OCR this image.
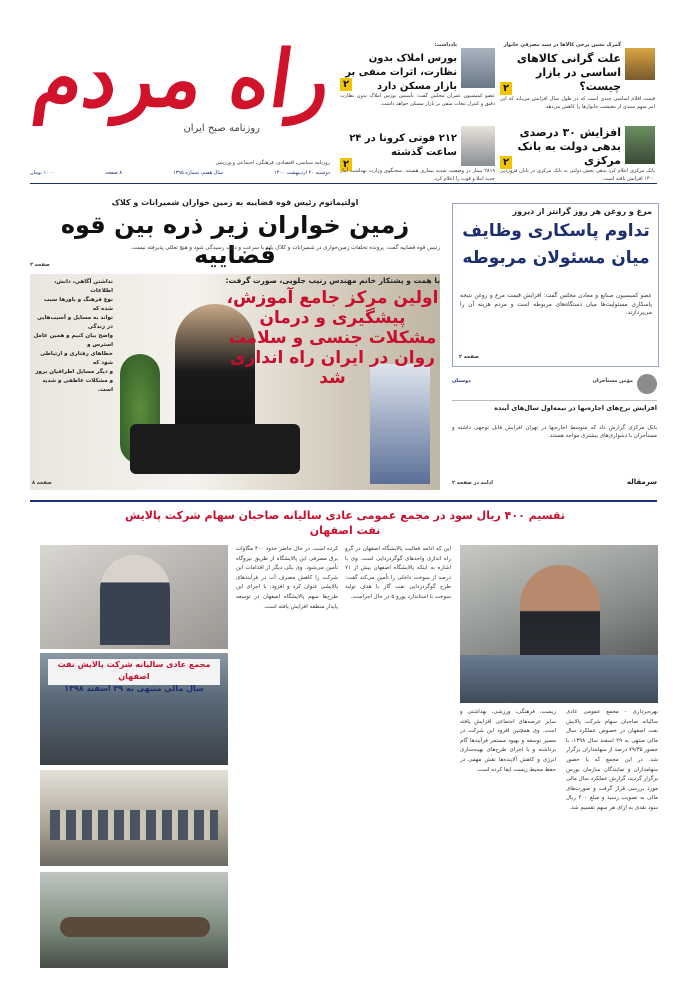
راه مردم
روزنامه صبح ایران
روزنامه سیاسی، اقتصادی، فرهنگی، اجتماعی و ورزشی
دوشنبه ۲۰ اردیبهشت ۱۴۰۰
سال هفتم، شماره ۱۳۹۵
۸ صفحه
۱۰۰۰ تومان
گمرک نشین برخی کالاها در سبد مصرفی خانوار
علت گرانی کالاهای اساسی در بازار چیست؟
۲
قیمت اقلام اساسی چندی است که در طول سال افزایش می‌یابد که این امر سهم سبدی از معیشت خانوارها را کاهش می‌دهد.
افزایش ۳۰ درصدی بدهی دولت به بانک مرکزی
۲
بانک مرکزی اعلام کرد بدهی بخش دولتی به بانک مرکزی در پایان فروردین ۱۴۰۰ افزایش یافته است.
یادداشت:
بورس املاک بدون نظارت، اثرات منفی بر بازار مسکن دارد
۲
عضو کمیسیون عمران مجلس گفت: تأسیس بورس املاک بدون نظارت دقیق و کنترل تبعات منفی بر بازار مسکن خواهد داشت.
۲۱۲ فوتی کرونا در ۲۴ ساعت گذشته
۲
۲۸۱۹ بیمار در وضعیت شدید بیماری هستند. سخنگوی وزارت بهداشت آمار جدید ابتلا و فوت را اعلام کرد.
اولتیماتوم رئیس قوه قضاییه به زمین خواران شمیرانات و کلاک
زمین خواران زیر ذره بین قوه قضاییه
رئیس قوه قضاییه گفت: پرونده تخلفات زمین‌خواری در شمیرانات و کلاک باید با سرعت و دقت رسیدگی شود و هیچ تعللی پذیرفته نیست.
صفحه ۲
با همت و پشتکار خانم مهندس رنیب جلویی، صورت گرفت:
اولین مرکز جامع آموزش، پیشگیری و درمان مشکلات جنسی و سلامت روان در ایران راه اندازی شد
صفحه ۸
نداشتن آگاهی، دانش، اطلاعات
نوع فرهنگ و باورها سبب شده که
تواند به مسایل و آسیب‌هایی در زندگی
واضح بیان کنیم و همین عامل استرس و
خطاهای رفتاری و ارتباطی شود که
و دیگر مسایل اطرافیان بروز
و مشکلات عاطفی و شدید است.
مرغ و روغن هر روز گرانتر از دیروز
تداوم پاسکاری وظایف میان مسئولان مربوطه
عضو کمیسیون صنایع و معادن مجلس گفت: افزایش قیمت مرغ و روغن نتیجه پاسکاری مسئولیت‌ها میان دستگاه‌های مربوطه است و مردم هزینه آن را می‌پردازند.
صفحه ۲
مؤمن مستأجران
دوستان
افزایش نرخ‌های اجاره‌بها در نیمه‌اول سال‌های آینده
بانک مرکزی گزارش داد که متوسط اجاره‌بها در تهران افزایش قابل توجهی داشته و مستأجران با دشواری‌های بیشتری مواجه هستند.
ادامه در صفحه ۲	سرمقاله
تقسیم ۴۰۰ ریال سود در مجمع عمومی عادی سالیانه صاحبان سهام شرکت پالایش نفت اصفهان
مجمع عادی سالیانه شرکت پالایش نفت اصفهان
سال مالی منتهی به ۲۹ اسفند ۱۳۹۸
بهره‌برداری - مجمع عمومی عادی سالیانه صاحبان سهام شرکت پالایش نفت اصفهان در خصوص عملکرد سال مالی منتهی به ۲۹ اسفند سال ۱۳۹۸، با حضور ۷۹/۳۵ درصد از سهامداران برگزار شد. در این مجمع که با حضور سهامداران و نمایندگان سازمان بورس برگزار گردید، گزارش عملکرد سال مالی مورد بررسی قرار گرفت و صورت‌های مالی به تصویب رسید و مبلغ ۴۰۰ ریال سود نقدی به ازای هر سهم تقسیم شد.
زیست، فرهنگی، ورزشی، بهداشتی و سایر عرصه‌های اجتماعی افزایش یافته است. وی همچنین افزود این شرکت در مسیر توسعه و بهبود مستمر فرآیندها گام برداشته و با اجرای طرح‌های بهینه‌سازی انرژی و کاهش آلاینده‌ها نقش مهمی در حفظ محیط زیست ایفا کرده است.
این که ادامه فعالیت پالایشگاه اصفهان در گرو راه اندازی واحدهای گوگردزدایی است. وی با اشاره به اینکه پالایشگاه اصفهان بیش از ۷۱ درصد از سوخت داخلی را تأمین می‌کند گفت: طرح گوگردزدایی نفت گاز با هدف تولید سوخت با استاندارد یورو ۵ در حال اجراست.
کرده است. در حال حاضر حدود ۴۰۰ مگاوات برق مصرفی این پالایشگاه از طریق نیروگاه تأمین می‌شود. وی یکی دیگر از اقدامات این شرکت را کاهش مصرف آب در فرآیندهای پالایشی عنوان کرد و افزود: با اجرای این طرح‌ها سهم پالایشگاه اصفهان در توسعه پایدار منطقه افزایش یافته است.
